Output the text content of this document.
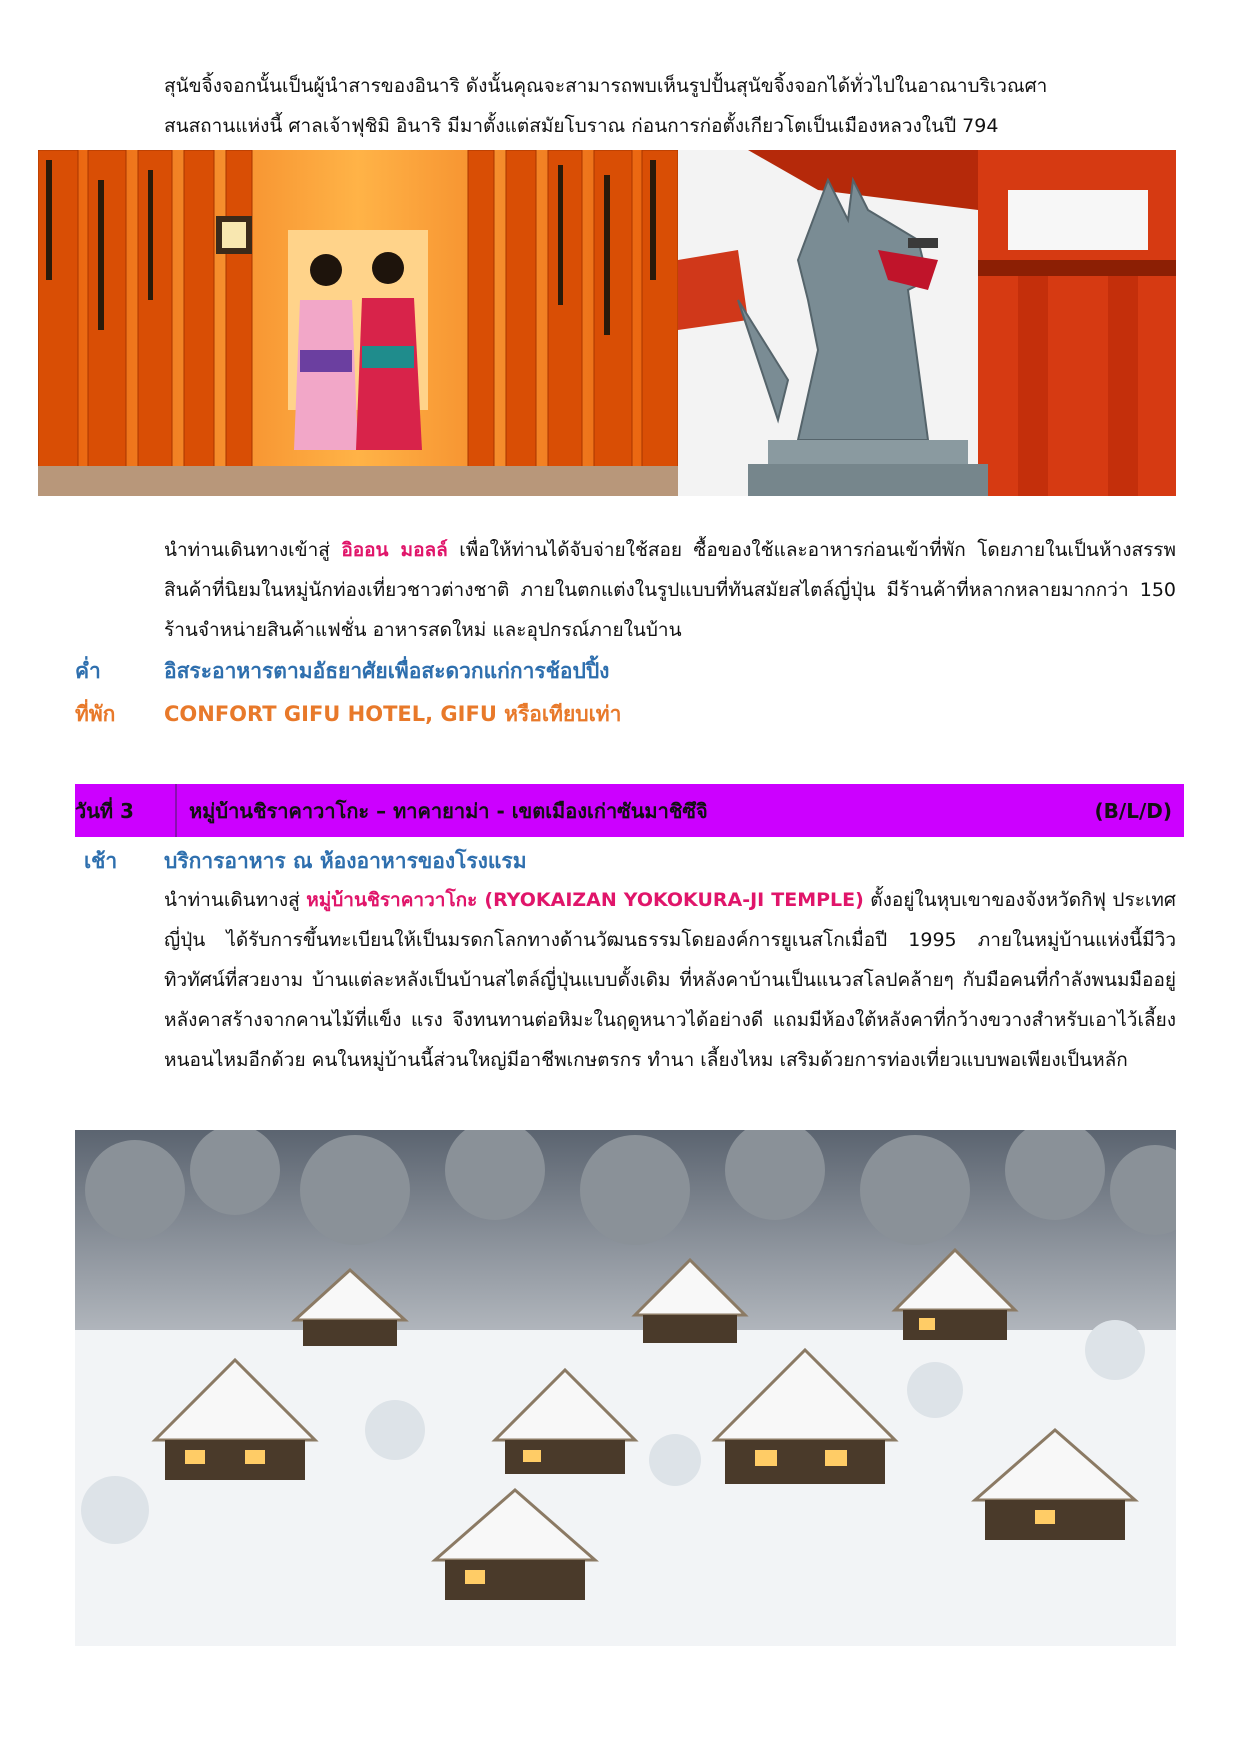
สุนัขจิ้งจอกนั้นเป็นผู้นำสารของอินาริ ดังนั้นคุณจะสามารถพบเห็นรูปปั้นสุนัขจิ้งจอกได้ทั่วไปในอาณาบริเวณศา
สนสถานแห่งนี้ ศาลเจ้าฟุชิมิ อินาริ มีมาตั้งแต่สมัยโบราณ ก่อนการก่อตั้งเกียวโตเป็นเมืองหลวงในปี 794

นำท่านเดินทางเข้าสู่ อิออน มอลล์ เพื่อให้ท่านได้จับจ่ายใช้สอย ซื้อของใช้และอาหารก่อนเข้าที่พัก โดยภายในเป็นห้างสรรพสินค้าที่นิยมในหมู่นักท่องเที่ยวชาวต่างชาติ ภายในตกแต่งในรูปแบบที่ทันสมัยสไตล์ญี่ปุ่น มีร้านค้าที่หลากหลายมากกว่า 150 ร้านจำหน่ายสินค้าแฟชั่น อาหารสดใหม่ และอุปกรณ์ภายในบ้าน

ค่ำ	อิสระอาหารตามอัธยาศัยเพื่อสะดวกแก่การช้อปปิ้ง
ที่พัก	CONFORT GIFU HOTEL, GIFU หรือเทียบเท่า
วันที่ 3	หมู่บ้านชิราคาวาโกะ – ทาคายาม่า - เขตเมืองเก่าซันมาชิซึจิ	(B/L/D)
เช้า	บริการอาหาร ณ ห้องอาหารของโรงแรม

นำท่านเดินทางสู่ หมู่บ้านชิราคาวาโกะ (RYOKAIZAN YOKOKURA-JI TEMPLE) ตั้งอยู่ในหุบเขาของจังหวัดกิฟุ ประเทศญี่ปุ่น ได้รับการขึ้นทะเบียนให้เป็นมรดกโลกทางด้านวัฒนธรรมโดยองค์การยูเนสโกเมื่อปี 1995 ภายในหมู่บ้านแห่งนี้มีวิวทิวทัศน์ที่สวยงาม บ้านแต่ละหลังเป็นบ้านสไตล์ญี่ปุ่นแบบดั้งเดิม ที่หลังคาบ้านเป็นแนวสโลปคล้ายๆ กับมือคนที่กำลังพนมมืออยู่ หลังคาสร้างจากคานไม้ที่แข็ง แรง จึงทนทานต่อหิมะในฤดูหนาวได้อย่างดี แถมมีห้องใต้หลังคาที่กว้างขวางสำหรับเอาไว้เลี้ยงหนอนไหมอีกด้วย คนในหมู่บ้านนี้ส่วนใหญ่มีอาชีพเกษตรกร ทำนา เลี้ยงไหม เสริมด้วยการท่องเที่ยวแบบพอเพียงเป็นหลัก
